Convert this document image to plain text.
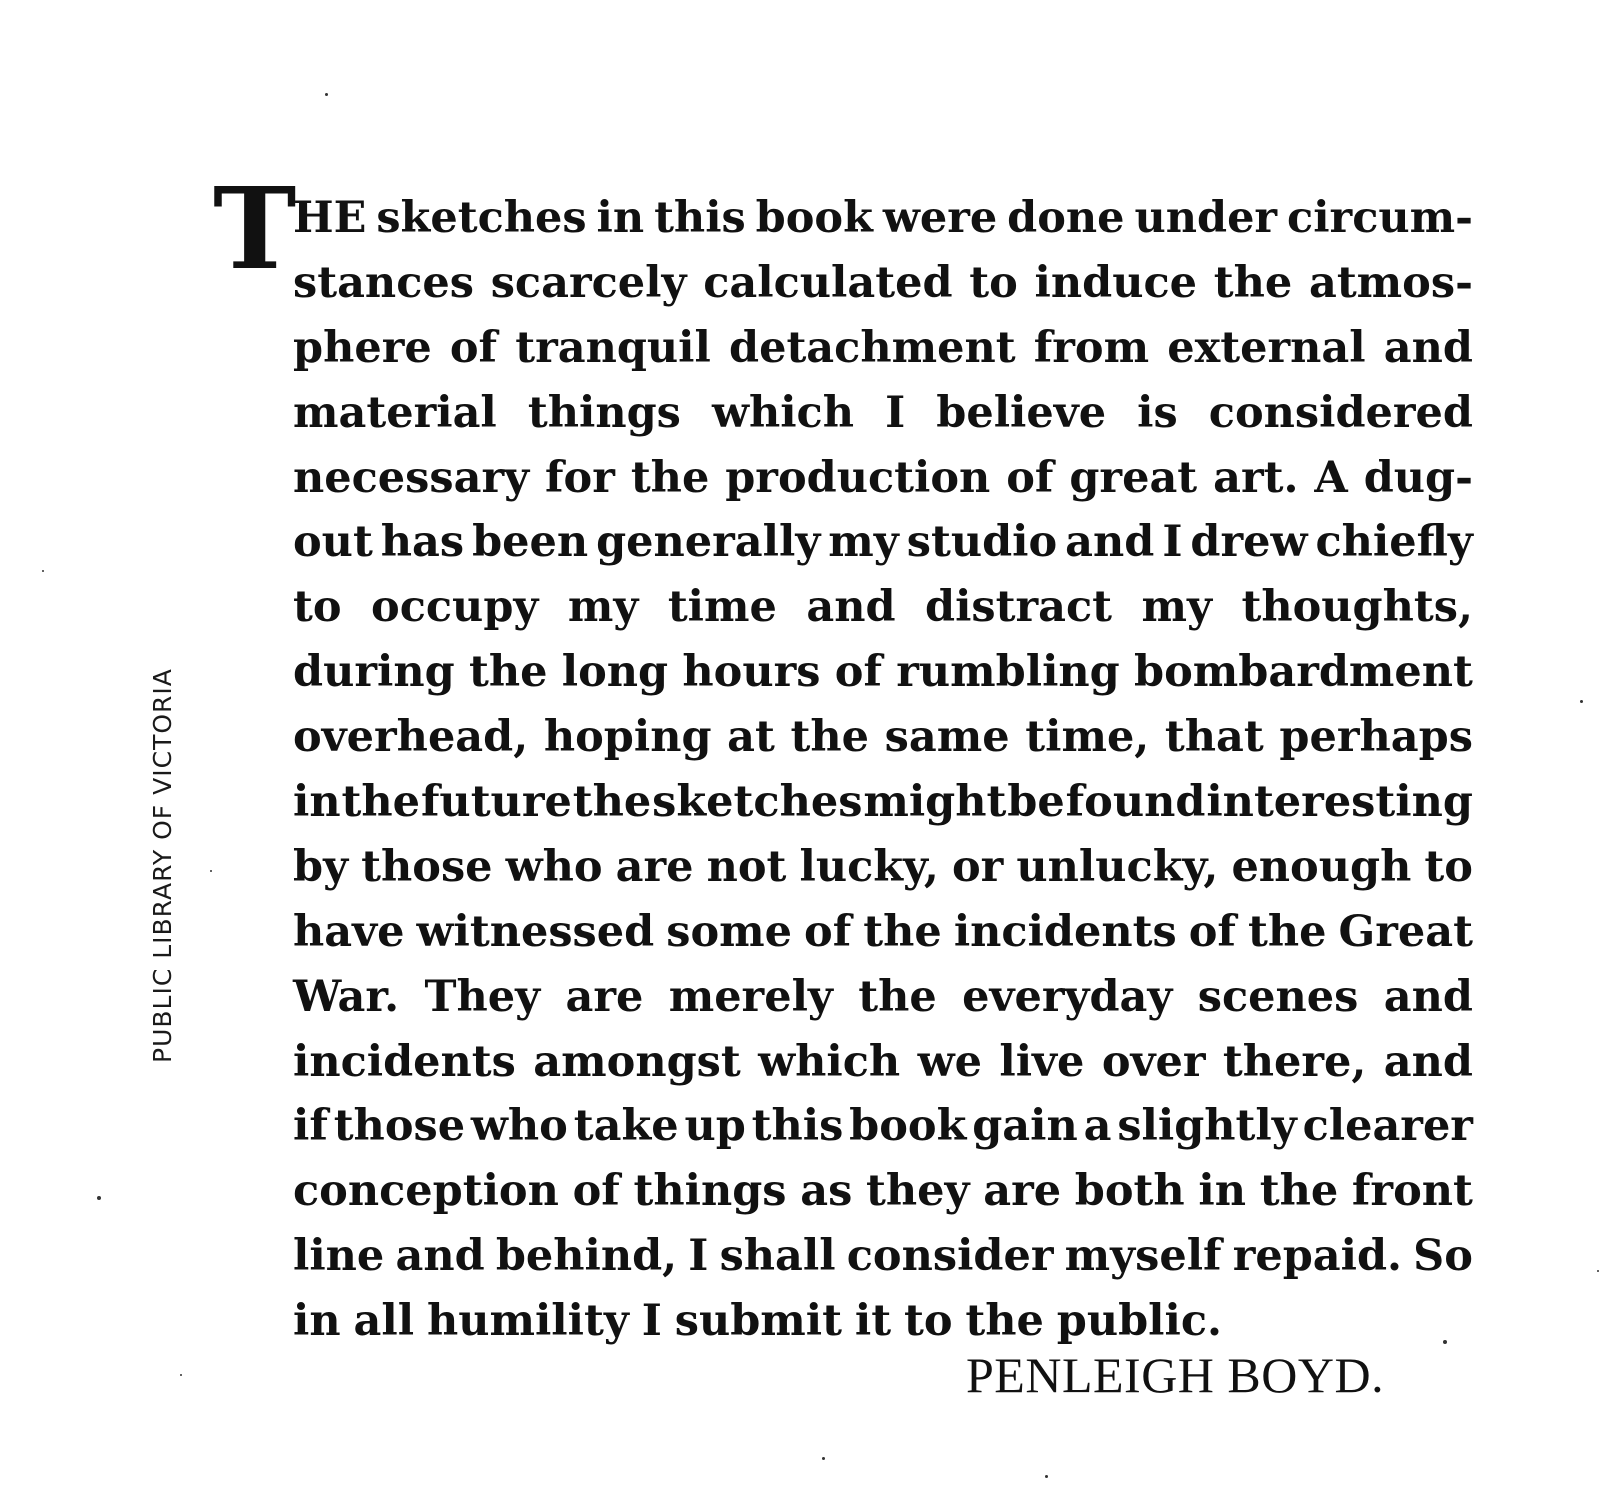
PUBLIC LIBRARY OF VICTORIA
T
HE sketches in this book were done under circum-
stances scarcely calculated to induce the atmos-
phere of tranquil detachment from external and
material things which I believe is considered
necessary for the production of great art. A dug-
out has been generally my studio and I drew chiefly
to occupy my time and distract my thoughts,
during the long hours of rumbling bombardment
overhead, hoping at the same time, that perhaps
in the future the sketches might be found interesting
by those who are not lucky, or unlucky, enough to
have witnessed some of the incidents of the Great
War. They are merely the everyday scenes and
incidents amongst which we live over there, and
if those who take up this book gain a slightly clearer
conception of things as they are both in the front
line and behind, I shall consider myself repaid. So
in all humility I submit it to the public.
PENLEIGH BOYD.
